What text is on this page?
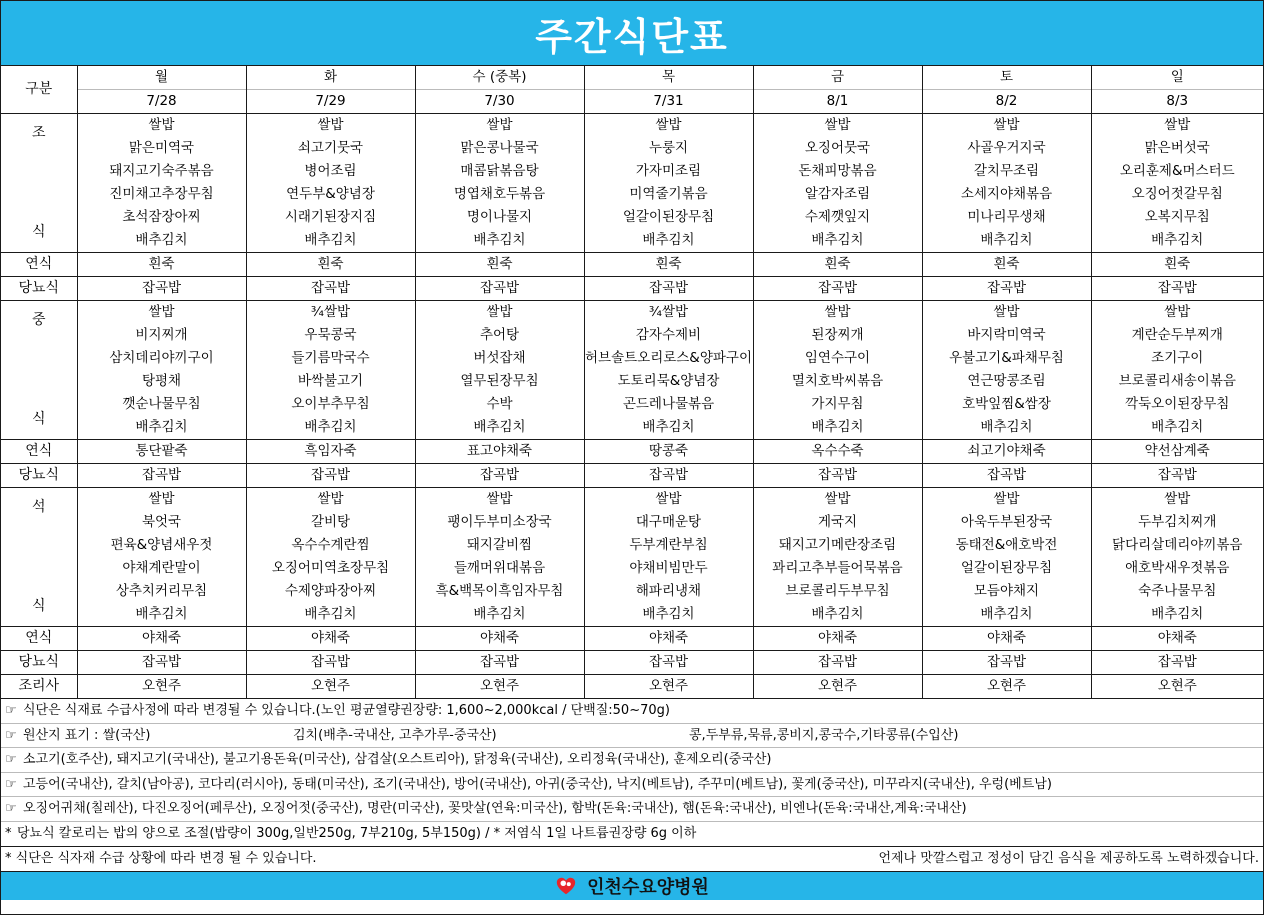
주간식단표
구분	월	화	수 (중복)	목	금	토	일
	7/28	7/29	7/30	7/31	8/1	8/2	8/3

조
식	쌀밥	쌀밥	쌀밥	쌀밥	쌀밥	쌀밥	쌀밥
	맑은미역국	쇠고기뭇국	맑은콩나물국	누룽지	오징어뭇국	사골우거지국	맑은버섯국
	돼지고기숙주볶음	병어조림	매콤닭볶음탕	가자미조림	돈채피망볶음	갈치무조림	오리훈제&머스터드
	진미채고추장무침	연두부&양념장	명엽채호두볶음	미역줄기볶음	알감자조림	소세지야채볶음	오징어젓갈무침
	초석잠장아찌	시래기된장지짐	명이나물지	얼갈이된장무침	수제깻잎지	미나리무생채	오복지무침
	배추김치	배추김치	배추김치	배추김치	배추김치	배추김치	배추김치
연식	흰죽	흰죽	흰죽	흰죽	흰죽	흰죽	흰죽
당뇨식	잡곡밥	잡곡밥	잡곡밥	잡곡밥	잡곡밥	잡곡밥	잡곡밥

중
식	쌀밥	¾쌀밥	쌀밥	¾쌀밥	쌀밥	쌀밥	쌀밥
	비지찌개	우묵콩국	추어탕	감자수제비	된장찌개	바지락미역국	계란순두부찌개
	삼치데리야끼구이	들기름막국수	버섯잡채	허브솔트오리로스&양파구이	임연수구이	우불고기&파채무침	조기구이
	탕평채	바싹불고기	열무된장무침	도토리묵&양념장	멸치호박씨볶음	연근땅콩조림	브로콜리새송이볶음
	깻순나물무침	오이부추무침	수박	곤드레나물볶음	가지무침	호박잎찜&쌈장	깍둑오이된장무침
	배추김치	배추김치	배추김치	배추김치	배추김치	배추김치	배추김치
연식	통단팥죽	흑임자죽	표고야채죽	땅콩죽	옥수수죽	쇠고기야채죽	약선삼계죽
당뇨식	잡곡밥	잡곡밥	잡곡밥	잡곡밥	잡곡밥	잡곡밥	잡곡밥

석
식	쌀밥	쌀밥	쌀밥	쌀밥	쌀밥	쌀밥	쌀밥
	북엇국	갈비탕	팽이두부미소장국	대구매운탕	게국지	아욱두부된장국	두부김치찌개
	편육&양념새우젓	옥수수계란찜	돼지갈비찜	두부계란부침	돼지고기메란장조림	동태전&애호박전	닭다리살데리야끼볶음
	야채계란말이	오징어미역초장무침	들깨머위대볶음	야채비빔만두	꽈리고추부들어묵볶음	얼갈이된장무침	애호박새우젓볶음
	상추치커리무침	수제양파장아찌	흑&백목이흑임자무침	해파리냉채	브로콜리두부무침	모듬야채지	숙주나물무침
	배추김치	배추김치	배추김치	배추김치	배추김치	배추김치	배추김치
연식	야채죽	야채죽	야채죽	야채죽	야채죽	야채죽	야채죽
당뇨식	잡곡밥	잡곡밥	잡곡밥	잡곡밥	잡곡밥	잡곡밥	잡곡밥
조리사	오현주	오현주	오현주	오현주	오현주	오현주	오현주
☞ 식단은 식재료 수급사정에 따라 변경될 수 있습니다.(노인 평균열량권장량: 1,600~2,000kcal / 단백질:50~70g)
☞ 원산지 표기 : 쌀(국산)	김치(배추-국내산, 고추가루-중국산)	콩,두부류,묵류,콩비지,콩국수,기타콩류(수입산)
☞ 소고기(호주산), 돼지고기(국내산), 불고기용돈육(미국산), 삼겹살(오스트리아), 닭정육(국내산), 오리정육(국내산), 훈제오리(중국산)
☞ 고등어(국내산), 갈치(남아공), 코다리(러시아), 동태(미국산), 조기(국내산), 방어(국내산), 아귀(중국산), 낙지(베트남), 주꾸미(베트남), 꽃게(중국산), 미꾸라지(국내산), 우렁(베트남)
☞ 오징어귀채(칠레산), 다진오징어(페루산), 오징어젓(중국산), 명란(미국산), 꽃맛살(연육:미국산), 함박(돈육:국내산), 햄(돈육:국내산), 비엔나(돈육:국내산,계육:국내산)
* 당뇨식 칼로리는 밥의 양으로 조절(밥량이 300g,일반250g, 7부210g, 5부150g) / * 저염식 1일 나트륨권장량 6g 이하
* 식단은 식자재 수급 상황에 따라 변경 될 수 있습니다.	언제나 맛깔스럽고 정성이 담긴 음식을 제공하도록 노력하겠습니다.
인천수요양병원
